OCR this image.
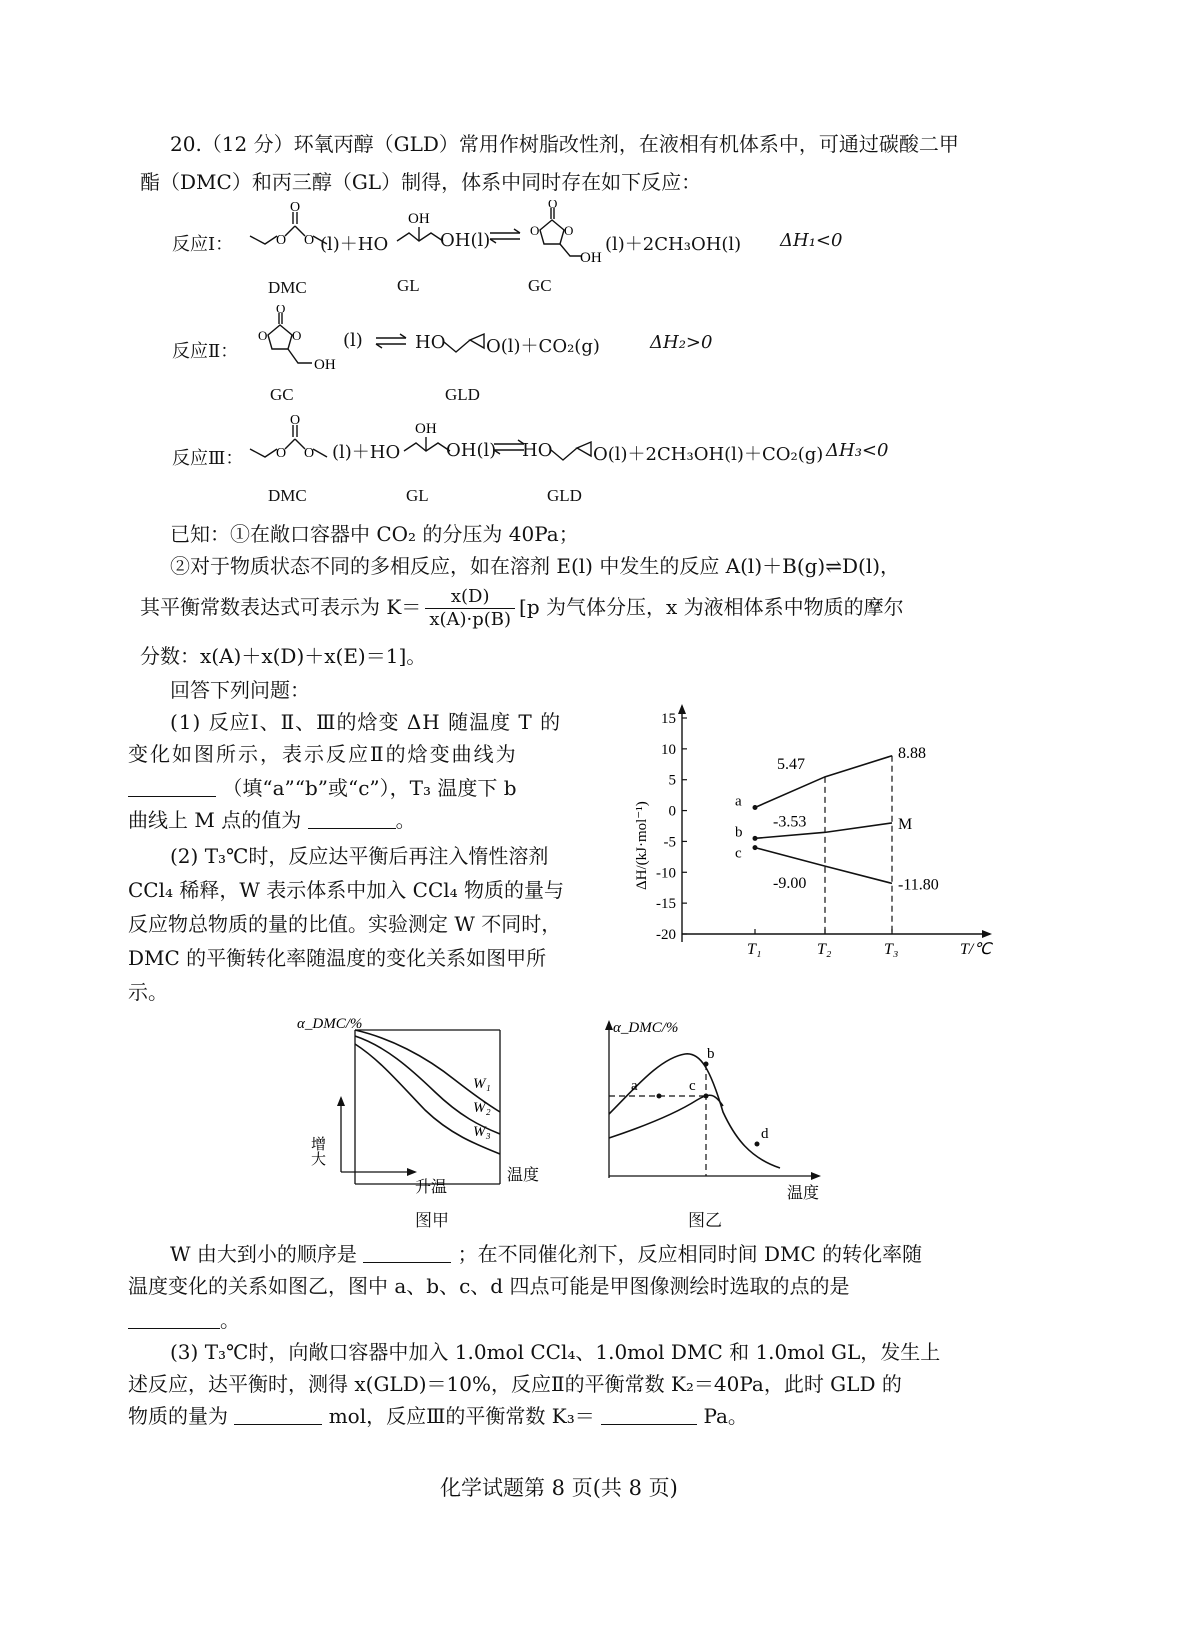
20.（12 分）环氧丙醇（GLD）常用作树脂改性剂，在液相有机体系中，可通过碳酸二甲
酯（DMC）和丙三醇（GL）制得，体系中同时存在如下反应：
反应Ⅰ：
O
O O (l)＋HO
OH
OH(l)
O
O O
OH
(l)＋2CH₃OH(l) ΔH₁<0
DMC	GL	GC
反应Ⅱ：
O
O O
OH
(l) ⇌ HO O(l)＋CO₂(g)	ΔH₂>0
GC	GLD
反应Ⅲ：
O
O O (l)＋HO
OH
OH(l) HO O(l)＋2CH₃OH(l)＋CO₂(g) ΔH₃<0
DMC	GL	GLD
已知：①在敞口容器中 CO₂ 的分压为 40Pa；
②对于物质状态不同的多相反应，如在溶剂 E(l) 中发生的反应 A(l)＋B(g)⇌D(l)，
其平衡常数表达式可表示为 $K= \frac{x(D)}{x(A)\cdot p(B)} [p$ 为气体分压，x 为液相体系中物质的摩尔
分数：x(A)＋x(D)＋x(E)＝1]。
回答下列问题：
(1) 反应Ⅰ、Ⅱ、Ⅲ的焓变 ΔH 随温度 T 的
变化如图所示，表示反应Ⅱ的焓变曲线为
（填“a”“b”或“c”），T₃ 温度下 b
曲线上 M 点的值为	。
(2) T₃℃时，反应达平衡后再注入惰性溶剂
CCl₄ 稀释，W 表示体系中加入 CCl₄ 物质的量与
反应物总物质的量的比值。实验测定 W 不同时，
DMC 的平衡转化率随温度的变化关系如图甲所
示。
15
10
5
0
-5
-10
-15
-20
T₁	T₂	T₃
a
b
c
5.47
8.88
-3.53	M
-9.00	-11.80
ΔH/(kJ·mol⁻¹)
T/℃
α_DMC/%
W₁
W₂
W₃
增大
升温
温度
图甲
α_DMC/%
a
b
c
d
温度
图乙
W 由大到小的顺序是	；在不同催化剂下，反应相同时间 DMC 的转化率随
温度变化的关系如图乙，图中 a、b、c、d 四点可能是甲图像测绘时选取的点的是
。
(3) T₃℃时，向敞口容器中加入 1.0mol CCl₄、1.0mol DMC 和 1.0mol GL，发生上
述反应，达平衡时，测得 x(GLD)＝10%，反应Ⅱ的平衡常数 K₂＝40Pa，此时 GLD 的
物质的量为	mol，反应Ⅲ的平衡常数 K₃＝	Pa。
化学试题第 8 页(共 8 页)
